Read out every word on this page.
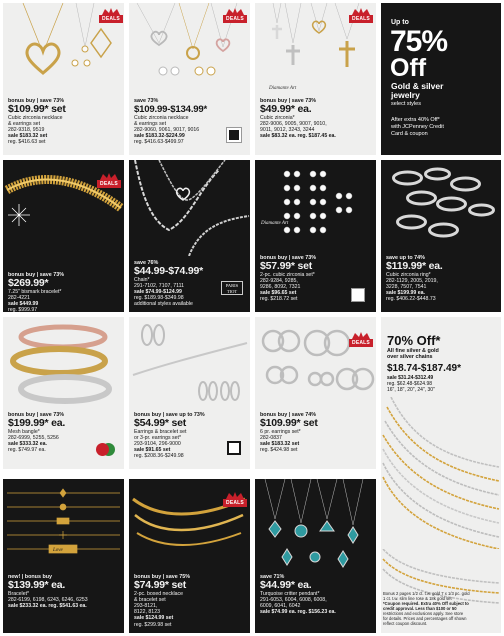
DEALS
bonus buy | save 73%
$109.99* set
Cubic zirconia necklace
& earrings set
282-9318, 9519
sale $183.32 set
reg. $416.63 set
DEALS
save 73%
$109.99-$134.99*
Cubic zirconia necklace
& earrings set
282-9060, 9061, 9017, 9016
sale $183.32-$224.99
reg. $416.63-$499.97
Diamante Art
DEALS
bonus buy | save 73%
$49.99* ea.
Cubic zirconia*
282-9006, 9005, 9007, 9010,
9011, 9012, 3243, 3244
sale $83.32 ea. reg. $187.45 ea.
Up to
75%
Off
Gold & silver
jewelry
select styles
After extra 40% Off*
with JCPenney Credit
Card & coupon
DEALS
bonus buy | save 73%
$269.99*
7.25" bismark bracelet*
282-4221
sale $449.99
reg. $999.97
save 76%
$44.99-$74.99*
Chain*
291-7102, 7107, 7111
sale $74.99-$124.99
reg. $189.98-$349.98
additional styles available
PARIS TIOT
Diamante Art
bonus buy | save 73%
$57.99* set
2-pc. cubic zirconia set*
282-9284, 9285,
9286, 8092, 7321
sale $96.65 set
reg. $218.72 set
save up to 74%
$119.99* ea.
Cubic zirconia ring*
282-1129, 2005, 2019,
3228, 7507, 7541
sale $199.99 ea.
reg. $406.22-$448.73
bonus buy | save 73%
$199.99* ea.
Mesh bangle*
282-6999, 5255, 5256
sale $333.32 ea.
reg. $749.97 ea.
bonus buy | save up to 73%
$54.99* set
Earrings & bracelet set
or 3-pr. earrings set*
293-9104, 296-9000
sale $91.65 set
reg. $208.36-$249.98
DEALS
bonus buy | save 74%
$109.99* set
6 pr. earrings set*
282-0837
sale $183.32 set
reg. $424.98 set
70% Off*
All fine silver & gold
over silver chains
$18.74-$187.49*
sale $31.24-$312.49
reg. $62.48-$624.98
16", 18", 20", 24", 30"
Love
new! | bonus buy
$139.99* ea.
Bracelet*
282-6199, 6198, 6243, 6246, 6253
sale $233.32 ea. reg. $541.63 ea.
DEALS
bonus buy | save 75%
$74.99* set
2-pc. boxed necklace
& bracelet set
293-8121,
8122, 8123
sale $124.99 set
reg. $299.98 set
save 71%
$44.99* ea.
Turquoise critter pendant*
291-6053, 6004, 6008, 6008,
6009, 6041, 6042
sale $74.99 ea. reg. $156.23 ea.
Bonus 2 pages 1/2 ct. t.w. gold 7 x 1/3 pc. gold
1 ct. t.w. slim line rose & 18k gold set
*Coupon required. Extra 40% Off subject to
credit approval. Less than $100 or 50
restrictions and exclusions apply. See store
for details. Prices and percentages off shown
reflect coupon discount.
